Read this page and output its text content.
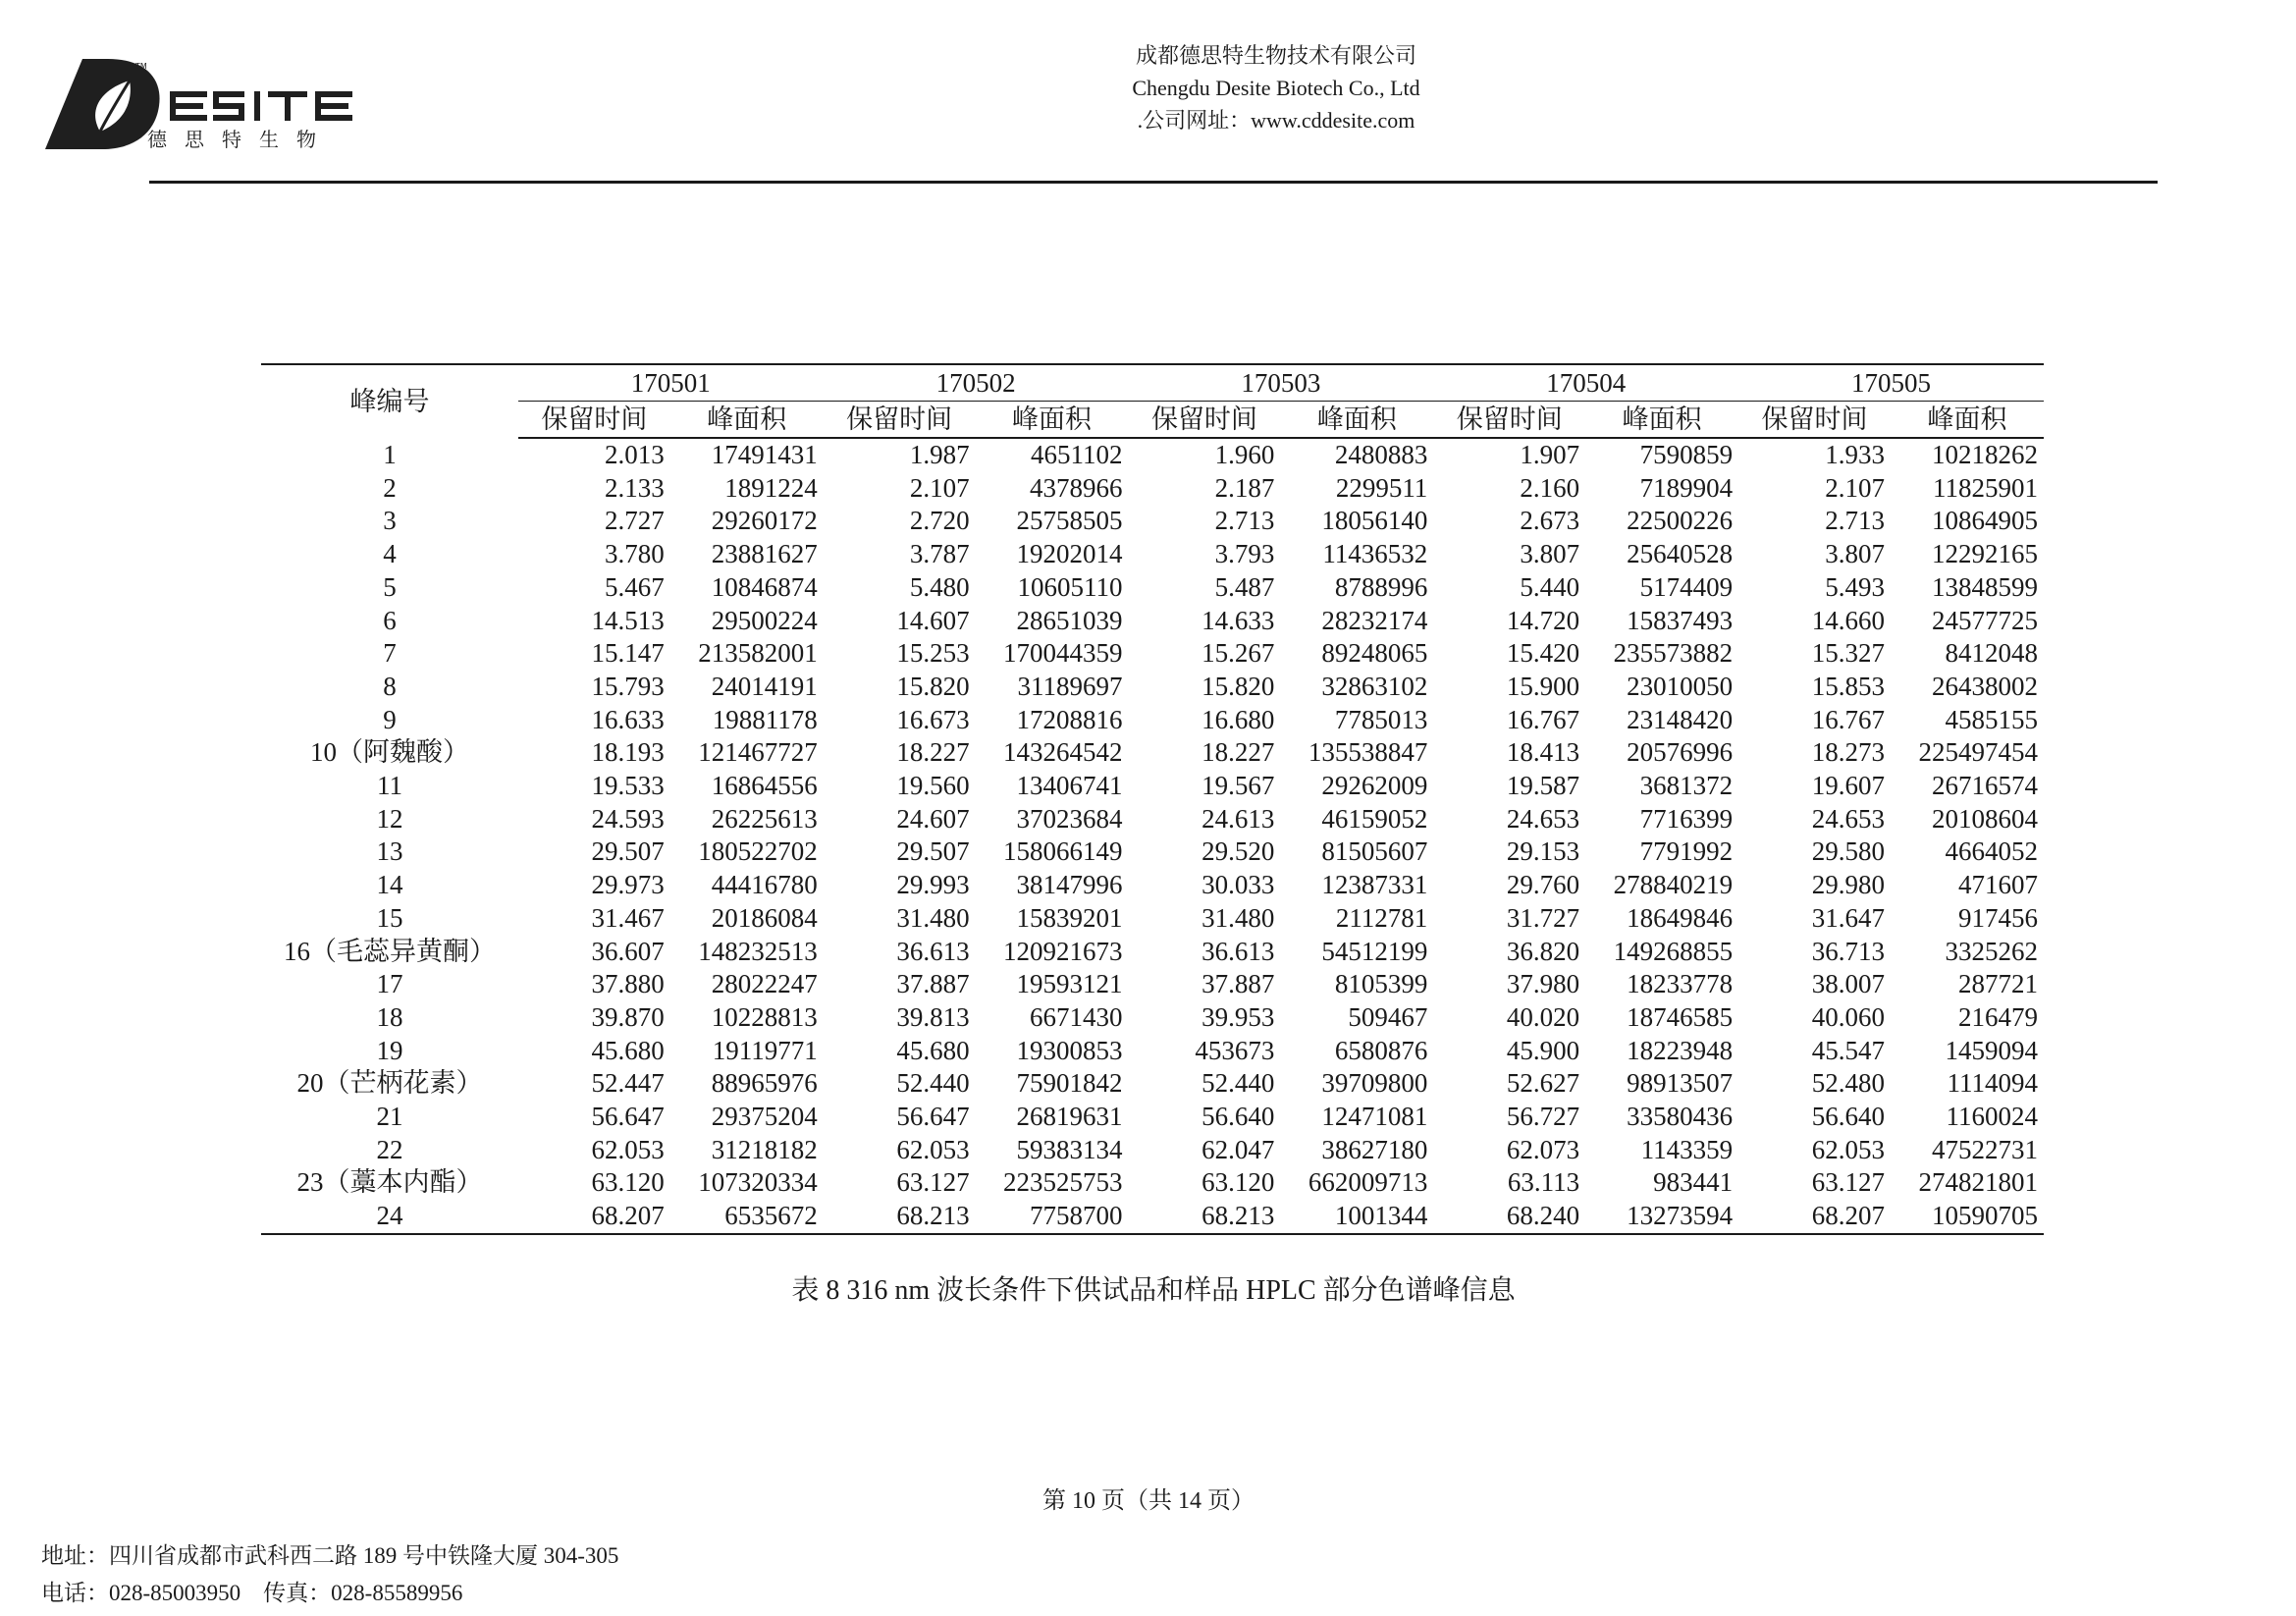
TM
德思特生物
成都德思特生物技术有限公司
Chengdu Desite Biotech Co., Ltd
.公司网址：www.cddesite.com
峰编号	170501		170502		170503		170504		170505	
	保留时间	峰面积	保留时间	峰面积	保留时间	峰面积	保留时间	峰面积	保留时间	峰面积
1	2.013	17491431	1.987	4651102	1.960	2480883	1.907	7590859	1.933	10218262
2	2.133	1891224	2.107	4378966	2.187	2299511	2.160	7189904	2.107	11825901
3	2.727	29260172	2.720	25758505	2.713	18056140	2.673	22500226	2.713	10864905
4	3.780	23881627	3.787	19202014	3.793	11436532	3.807	25640528	3.807	12292165
5	5.467	10846874	5.480	10605110	5.487	8788996	5.440	5174409	5.493	13848599
6	14.513	29500224	14.607	28651039	14.633	28232174	14.720	15837493	14.660	24577725
7	15.147	213582001	15.253	170044359	15.267	89248065	15.420	235573882	15.327	8412048
8	15.793	24014191	15.820	31189697	15.820	32863102	15.900	23010050	15.853	26438002
9	16.633	19881178	16.673	17208816	16.680	7785013	16.767	23148420	16.767	4585155
10（阿魏酸）	18.193	121467727	18.227	143264542	18.227	135538847	18.413	20576996	18.273	225497454
11	19.533	16864556	19.560	13406741	19.567	29262009	19.587	3681372	19.607	26716574
12	24.593	26225613	24.607	37023684	24.613	46159052	24.653	7716399	24.653	20108604
13	29.507	180522702	29.507	158066149	29.520	81505607	29.153	7791992	29.580	4664052
14	29.973	44416780	29.993	38147996	30.033	12387331	29.760	278840219	29.980	471607
15	31.467	20186084	31.480	15839201	31.480	2112781	31.727	18649846	31.647	917456
16（毛蕊异黄酮）	36.607	148232513	36.613	120921673	36.613	54512199	36.820	149268855	36.713	3325262
17	37.880	28022247	37.887	19593121	37.887	8105399	37.980	18233778	38.007	287721
18	39.870	10228813	39.813	6671430	39.953	509467	40.020	18746585	40.060	216479
19	45.680	19119771	45.680	19300853	453673	6580876	45.900	18223948	45.547	1459094
20（芒柄花素）	52.447	88965976	52.440	75901842	52.440	39709800	52.627	98913507	52.480	1114094
21	56.647	29375204	56.647	26819631	56.640	12471081	56.727	33580436	56.640	1160024
22	62.053	31218182	62.053	59383134	62.047	38627180	62.073	1143359	62.053	47522731
23（藁本内酯）	63.120	107320334	63.127	223525753	63.120	662009713	63.113	983441	63.127	274821801
24	68.207	6535672	68.213	7758700	68.213	1001344	68.240	13273594	68.207	10590705
表 8 316 nm 波长条件下供试品和样品 HPLC 部分色谱峰信息
第 10 页（共 14 页）
地址：四川省成都市武科西二路 189 号中铁隆大厦 304-305
电话：028-85003950    传真：028-85589956
